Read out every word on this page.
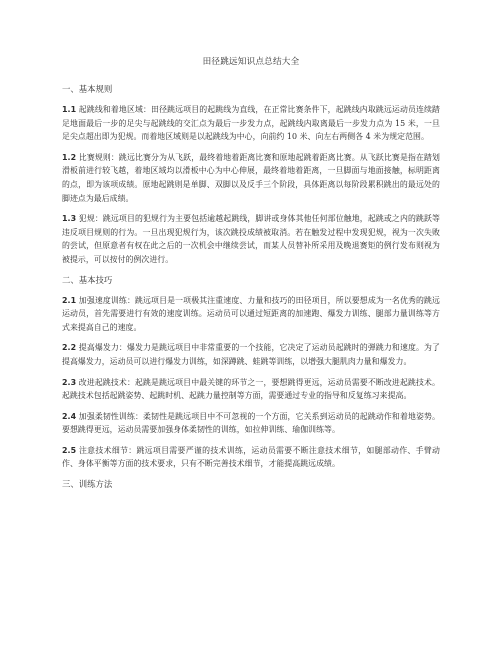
田径跳远知识点总结大全
一、基本规则

1.1 起跳线和着地区域：田径跳远项目的起跳线为直线，在正常比赛条件下，起跳线内取跳远运动员连续踏足地面最后一步的足尖与起跳线的交汇点为最后一步发力点，起跳线内取离最后一步发力点为 15 米，一旦足尖点超出即为犯规。而着地区域则是以起跳线为中心，向前约 10 米、向左右两侧各 4 米为规定范围。

1.2 比赛规则：跳远比赛分为从飞跃，最终着地着距离比赛和原地起跳着距离比赛。从飞跃比赛是指在踏划滑板前进行较飞越，着地区域均以滑板中心为中心伸展，最终着地着距离，一旦脚面与地面接触，标明距离的点，即为该项成绩。原地起跳则是单脚、双脚以及反手三个阶段，具体距离以每阶段累积跳出的最远处的脚迹点为最后成绩。

1.3 犯规：跳远项目的犯规行为主要包括逾越起跳线，脚讲或身体其他任何部位触地，起跳或之内的跳跃等违反项目规则的行为。一旦出现犯规行为，该次跳投成绩被取消。若在触发过程中发现犯规，视为一次失败的尝试，但原意者有权在此之后的一次机会中继续尝试，而某人员替补所采用及晚退赛矩的例行发布则视为被提示，可以按付的例次进行。

二、基本技巧

2.1 加强速度训练：跳远项目是一项极其注重速度、力量和技巧的田径项目，所以要想成为一名优秀的跳远运动员，首先需要进行有效的速度训练。运动员可以通过短距离的加速跑、爆发力训练、腿部力量训练等方式来提高自己的速度。

2.2 提高爆发力：爆发力是跳远项目中非常重要的一个技能，它决定了运动员起跳时的弹跳力和速度。为了提高爆发力，运动员可以进行爆发力训练，如深蹲跳、蛙跳等训练，以增强大腿肌肉力量和爆发力。

2.3 改进起跳技术：起跳是跳远项目中最关键的环节之一，要想跳得更远，运动员需要不断改进起跳技术。起跳技术包括起跳姿势、起跳时机、起跳力量控制等方面，需要通过专业的指导和反复练习来提高。

2.4 加强柔韧性训练：柔韧性是跳远项目中不可忽视的一个方面，它关系到运动员的起跳动作和着地姿势。要想跳得更远，运动员需要加强身体柔韧性的训练，如拉伸训练、瑜伽训练等。

2.5 注意技术细节：跳远项目需要严谨的技术训练，运动员需要不断注意技术细节，如腿部动作、手臂动作、身体平衡等方面的技术要求，只有不断完善技术细节，才能提高跳远成绩。

三、训练方法
